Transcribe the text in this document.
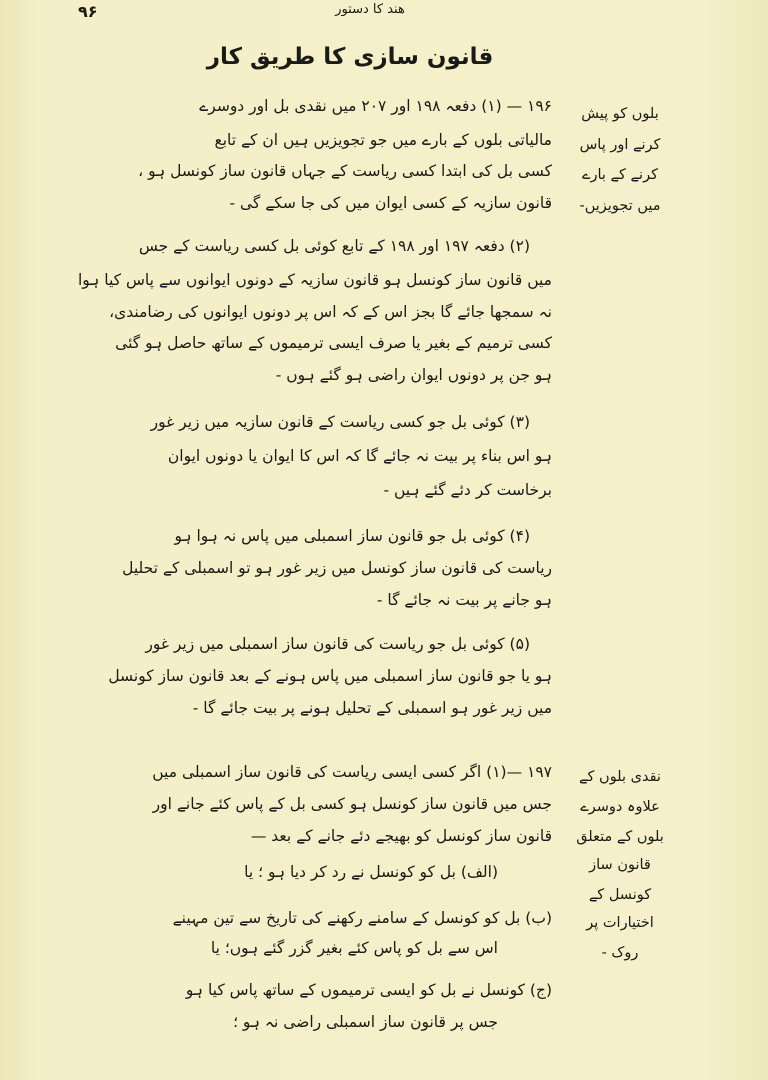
۹۶	هند کا دستور
قانون سازی کا طریق کار
بلوں کو پیش
کرنے اور پاس
کرنے کے بارے
میں تجویزیں-
١۹۶ — (١) دفعہ ١۹٨ اور ٢٠٧ میں نقدی بل اور دوسرے
مالیاتی بلوں کے بارے میں جو تجویزیں ہیں ان کے تابع
کسی بل کی ابتدا کسی ریاست کے جہاں قانون ساز کونسل ہو ،
قانون سازیہ کے کسی ایوان میں کی جا سکے گی -
(٢) دفعہ ١۹٧ اور ١۹٨ کے تابع کوئی بل کسی ریاست کے جس
میں قانون ساز کونسل ہو قانون سازیہ کے دونوں ایوانوں سے پاس کیا ہوا
نہ سمجھا جائے گا بجز اس کے کہ اس پر دونوں ایوانوں کی رضامندی،
کسی ترمیم کے بغیر یا صرف ایسی ترمیموں کے ساتھ حاصل ہو گئی
ہو جن پر دونوں ایوان راضی ہو گئے ہوں -
(٣) کوئی بل جو کسی ریاست کے قانون سازیہ میں زیر غور
ہو اس بناء پر بیت نہ جائے گا کہ اس کا ایوان یا دونوں ایوان
برخاست کر دئے گئے ہیں -
(۴) کوئی بل جو قانون ساز اسمبلی میں پاس نہ ہوا ہو
ریاست کی قانون ساز کونسل میں زیر غور ہو تو اسمبلی کے تحلیل
ہو جانے پر بیت نہ جائے گا -
(۵) کوئی بل جو ریاست کی قانون ساز اسمبلی میں زیر غور
ہو یا جو قانون ساز اسمبلی میں پاس ہونے کے بعد قانون ساز کونسل
میں زیر غور ہو اسمبلی کے تحلیل ہونے پر بیت جائے گا -
نقدی بلوں کے
علاوہ دوسرے
بلوں کے متعلق
قانون ساز
کونسل کے
اختیارات پر
روک -
١۹٧ —(١) اگر کسی ایسی ریاست کی قانون ساز اسمبلی میں
جس میں قانون ساز کونسل ہو کسی بل کے پاس کئے جانے اور
قانون ساز کونسل کو بھیجے دئے جانے کے بعد —
(الف) بل کو کونسل نے رد کر دیا ہو ؛ یا
(ب) بل کو کونسل کے سامنے رکھنے کی تاریخ سے تین مہینے
اس سے بل کو پاس کئے بغیر گزر گئے ہوں؛ یا
(ج) کونسل نے بل کو ایسی ترمیموں کے ساتھ پاس کیا ہو
جس پر قانون ساز اسمبلی راضی نہ ہو ؛
